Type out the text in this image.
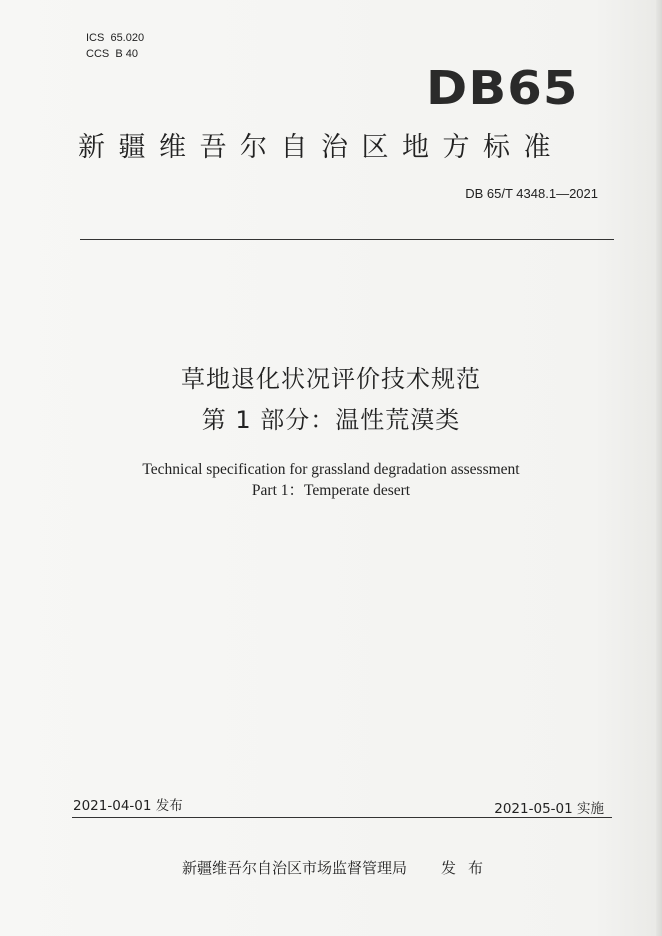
ICS  65.020
CCS  B 40
DB65
新疆维吾尔自治区地方标准
DB 65/T 4348.1—2021
草地退化状况评价技术规范
第 1 部分：温性荒漠类
Technical specification for grassland degradation assessment
Part 1：Temperate desert
2021-04-01 发布	2021-05-01 实施
新疆维吾尔自治区市场监督管理局 发布
